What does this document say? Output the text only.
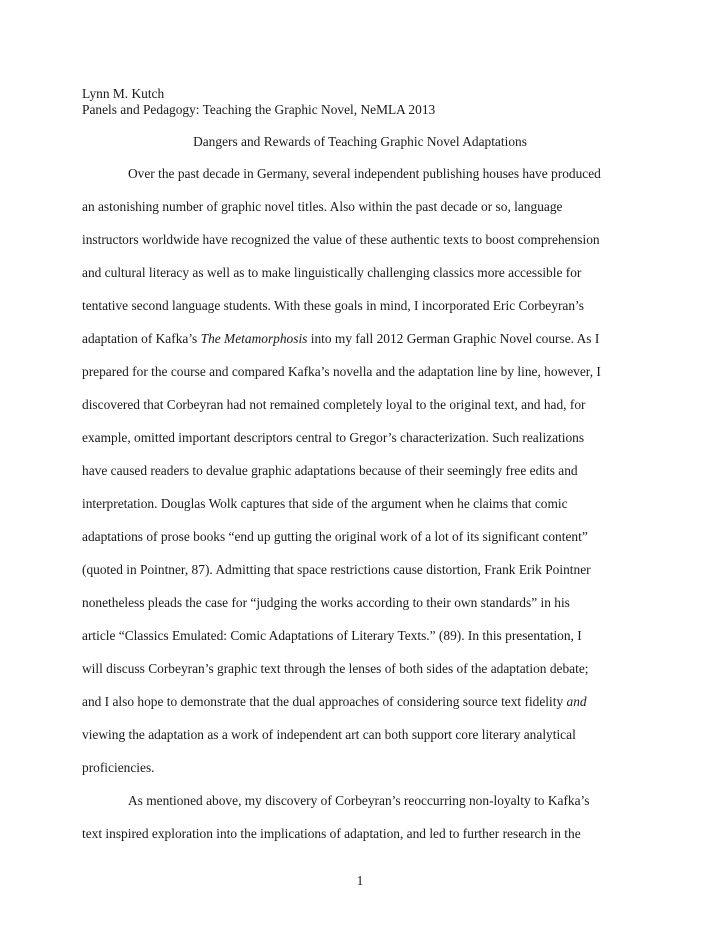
Lynn M. Kutch
Panels and Pedagogy: Teaching the Graphic Novel, NeMLA 2013
Dangers and Rewards of Teaching Graphic Novel Adaptations
Over the past decade in Germany, several independent publishing houses have produced
an astonishing number of graphic novel titles. Also within the past decade or so, language
instructors worldwide have recognized the value of these authentic texts to boost comprehension
and cultural literacy as well as to make linguistically challenging classics more accessible for
tentative second language students. With these goals in mind, I incorporated Eric Corbeyran’s
adaptation of Kafka’s The Metamorphosis into my fall 2012 German Graphic Novel course. As I
prepared for the course and compared Kafka’s novella and the adaptation line by line, however, I
discovered that Corbeyran had not remained completely loyal to the original text, and had, for
example, omitted important descriptors central to Gregor’s characterization. Such realizations
have caused readers to devalue graphic adaptations because of their seemingly free edits and
interpretation. Douglas Wolk captures that side of the argument when he claims that comic
adaptations of prose books “end up gutting the original work of a lot of its significant content”
(quoted in Pointner, 87). Admitting that space restrictions cause distortion, Frank Erik Pointner
nonetheless pleads the case for “judging the works according to their own standards” in his
article “Classics Emulated: Comic Adaptations of Literary Texts.” (89). In this presentation, I
will discuss Corbeyran’s graphic text through the lenses of both sides of the adaptation debate;
and I also hope to demonstrate that the dual approaches of considering source text fidelity and
viewing the adaptation as a work of independent art can both support core literary analytical
proficiencies.
As mentioned above, my discovery of Corbeyran’s reoccurring non-loyalty to Kafka’s
text inspired exploration into the implications of adaptation, and led to further research in the
1
